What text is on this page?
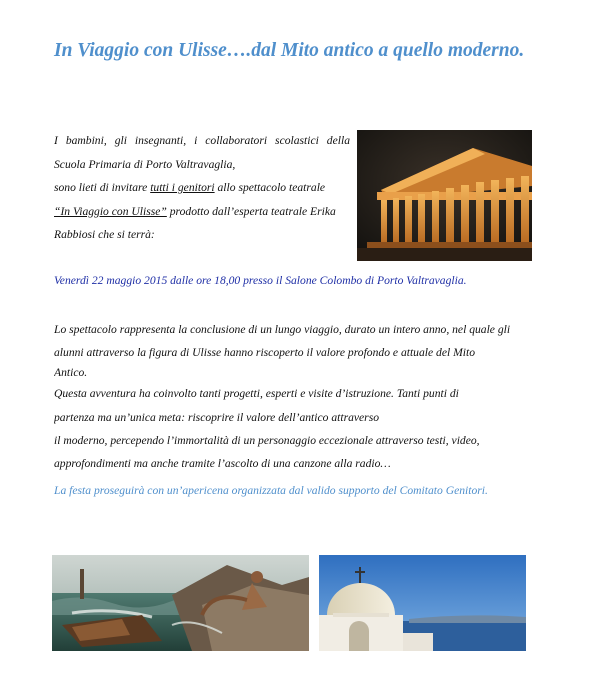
In Viaggio con Ulisse….dal Mito antico a quello moderno.
I bambini, gli insegnanti, i collaboratori scolastici della
Scuola Primaria di Porto Valtravaglia,
sono lieti di invitare tutti i genitori allo spettacolo teatrale
“In Viaggio con Ulisse” prodotto dall’esperta teatrale Erika
Rabbiosi che si terrà:
Venerdì 22 maggio 2015 dalle ore 18,00 presso il Salone Colombo di Porto Valtravaglia.
Lo spettacolo rappresenta la conclusione di un lungo viaggio, durato un intero anno, nel quale gli
alunni attraverso la figura di Ulisse hanno riscoperto il valore profondo e attuale del Mito
Antico.
Questa avventura ha coinvolto tanti progetti, esperti e visite d’istruzione. Tanti punti di
partenza ma un’unica meta: riscoprire il valore dell’antico attraverso
il moderno, percependo l’immortalità di un personaggio eccezionale attraverso testi, video,
approfondimenti ma anche tramite l’ascolto di una canzone alla radio…
La festa proseguirà con un’apericena organizzata dal valido supporto del Comitato Genitori.
